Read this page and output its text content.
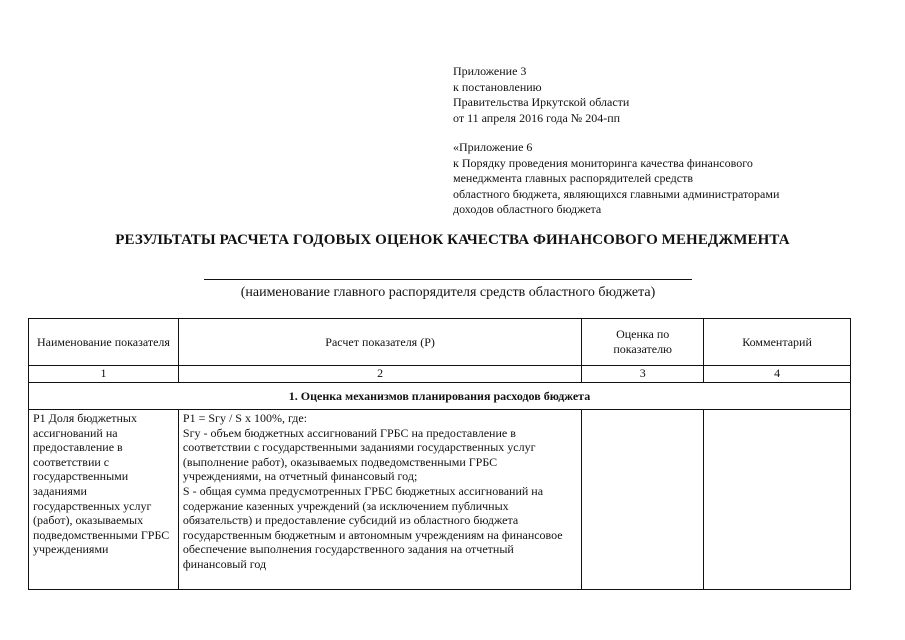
Приложение 3
к постановлению
Правительства Иркутской области
от 11 апреля 2016 года № 204-пп
«Приложение 6
к Порядку проведения мониторинга качества финансового
менеджмента главных распорядителей средств
областного бюджета, являющихся главными администраторами
доходов областного бюджета
РЕЗУЛЬТАТЫ РАСЧЕТА ГОДОВЫХ ОЦЕНОК КАЧЕСТВА ФИНАНСОВОГО МЕНЕДЖМЕНТА
(наименование главного распорядителя средств областного бюджета)
Наименование показателя	Расчет показателя (Р)	Оценка по показателю	Комментарий
1	2	3	4
1. Оценка механизмов планирования расходов бюджета			
Р1 Доля бюджетных ассигнований на предоставление в соответствии с государственными заданиями государственных услуг (работ), оказываемых подведомственными ГРБС учреждениями	Р1 = Sгу / S x 100%, где:
Sгу - объем бюджетных ассигнований ГРБС на предоставление в соответствии с государственными заданиями государственных услуг (выполнение работ), оказываемых подведомственными ГРБС учреждениями, на отчетный финансовый год;
S - общая сумма предусмотренных ГРБС бюджетных ассигнований на содержание казенных учреждений (за исключением публичных обязательств) и предоставление субсидий из областного бюджета государственным бюджетным и автономным учреждениям на финансовое обеспечение выполнения государственного задания на отчетный финансовый год		
